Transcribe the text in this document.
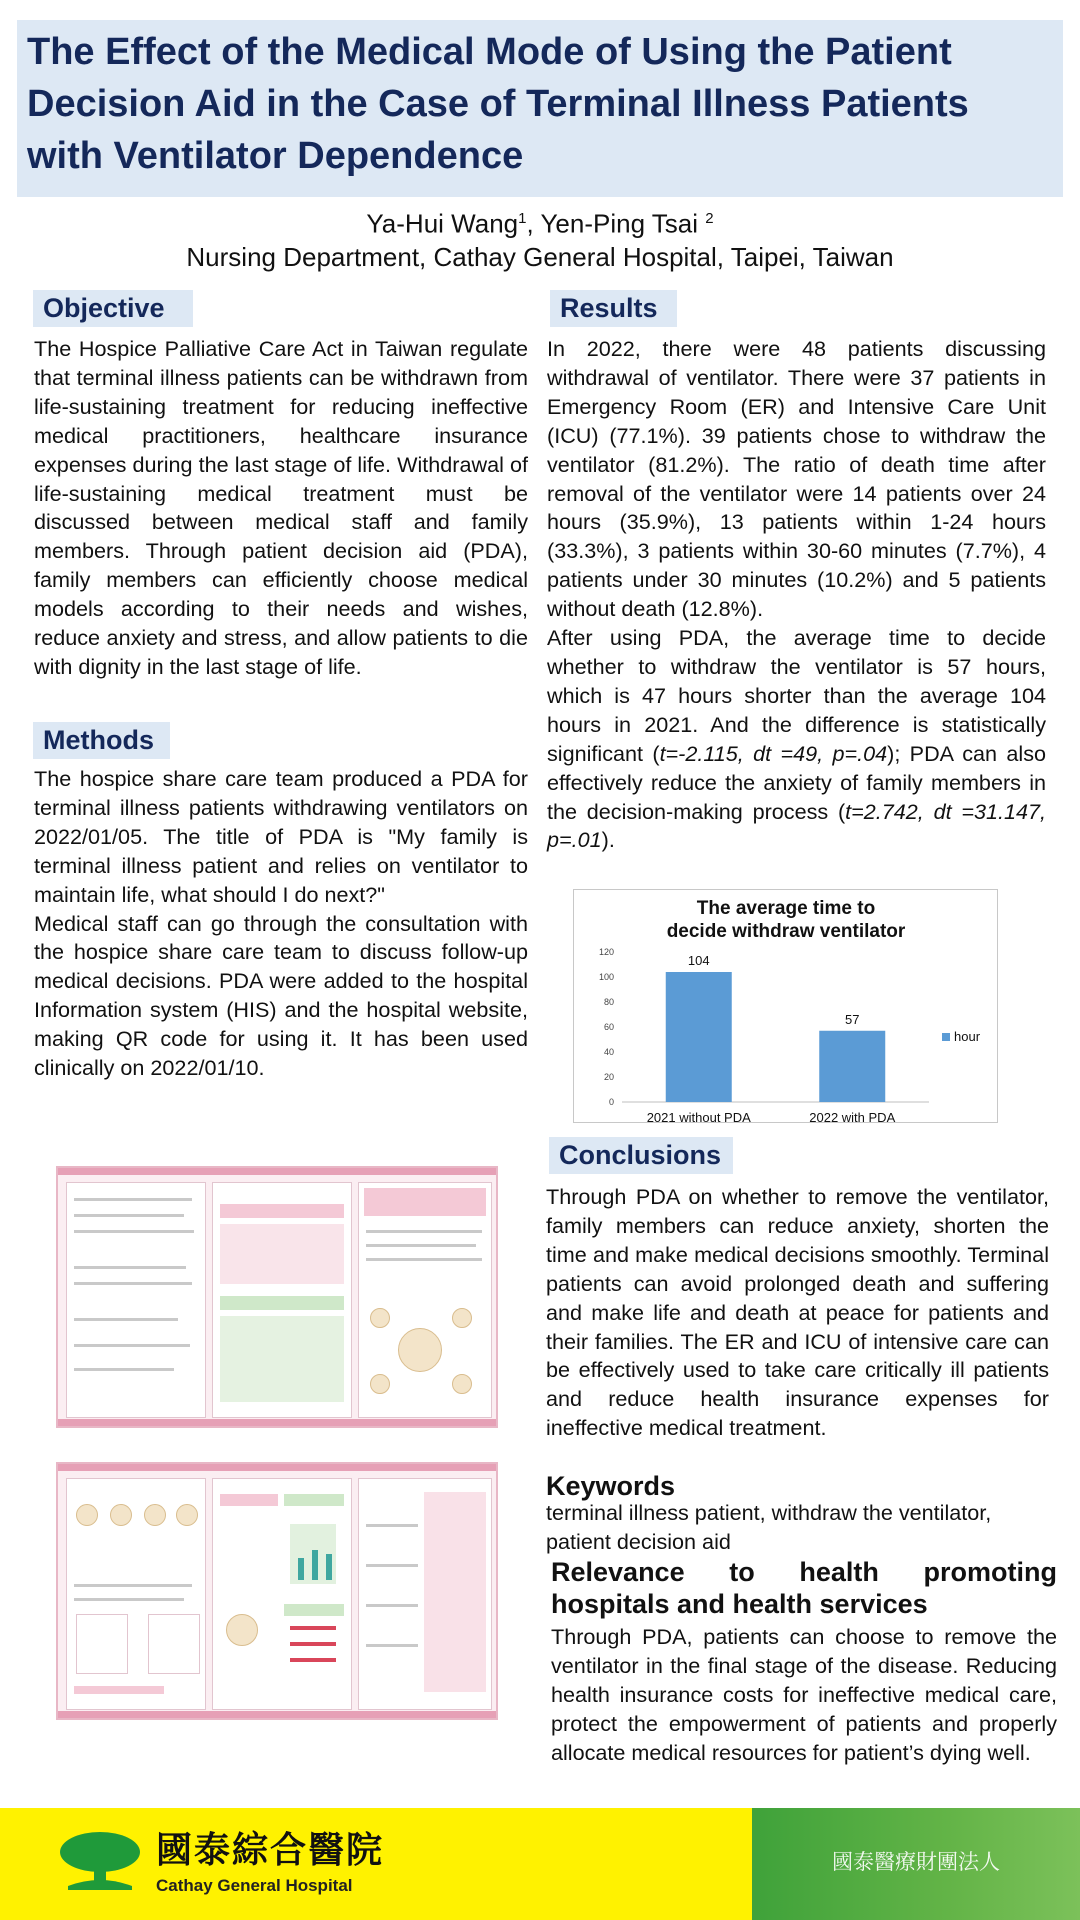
The Effect of the Medical Mode of Using the Patient Decision Aid in the Case of Terminal Illness Patients with Ventilator Dependence
Ya-Hui Wang$^1$, Yen-Ping Tsai $^2$
Nursing Department, Cathay General Hospital, Taipei, Taiwan
Objective

The Hospice Palliative Care Act in Taiwan regulate that terminal illness patients can be withdrawn from life-sustaining treatment for reducing ineffective medical practitioners, healthcare insurance expenses during the last stage of life. Withdrawal of life-sustaining medical treatment must be discussed between medical staff and family members. Through patient decision aid (PDA), family members can efficiently choose medical models according to their needs and wishes, reduce anxiety and stress, and allow patients to die with dignity in the last stage of life.

Methods

The hospice share care team produced a PDA for terminal illness patients withdrawing ventilators on 2022/01/05. The title of PDA is "My family is terminal illness patient and relies on ventilator to maintain life, what should I do next?"

Medical staff can go through the consultation with the hospice share care team to discuss follow-up medical decisions. PDA were added to the hospital Information system (HIS) and the hospital website, making QR code for using it. It has been used clinically on 2022/01/10.

Results

In 2022, there were 48 patients discussing withdrawal of ventilator. There were 37 patients in Emergency Room (ER) and Intensive Care Unit (ICU) (77.1%). 39 patients chose to withdraw the ventilator (81.2%). The ratio of death time after removal of the ventilator were 14 patients over 24 hours (35.9%), 13 patients within 1-24 hours (33.3%), 3 patients within 30-60 minutes (7.7%), 4 patients under 30 minutes (10.2%) and 5 patients without death (12.8%).

After using PDA, the average time to decide whether to withdraw the ventilator is 57 hours, which is 47 hours shorter than the average 104 hours in 2021. And the difference is statistically significant (t=-2.115, dt =49, p=.04); PDA can also effectively reduce the anxiety of family members in the decision-making process (t=2.742, dt =31.147, p=.01).

The average time to
decide withdraw ventilator
0
20
40
60
80
100
120
104
2021 without PDA
57
2022 with PDA
hour
Conclusions

Through PDA on whether to remove the ventilator, family members can reduce anxiety, shorten the time and make medical decisions smoothly. Terminal patients can avoid prolonged death and suffering and make life and death at peace for patients and their families. The ER and ICU of intensive care can be effectively used to take care critically ill patients and reduce health insurance expenses for ineffective medical treatment.

Keywords
terminal illness patient, withdraw the ventilator,
patient decision aid
Relevance to health promoting hospitals and health services

Through PDA, patients can choose to remove the ventilator in the final stage of the disease. Reducing health insurance costs for ineffective medical care, protect the empowerment of patients and properly allocate medical resources for patient’s dying well.

國泰綜合醫院
Cathay General Hospital
國泰醫療財團法人
